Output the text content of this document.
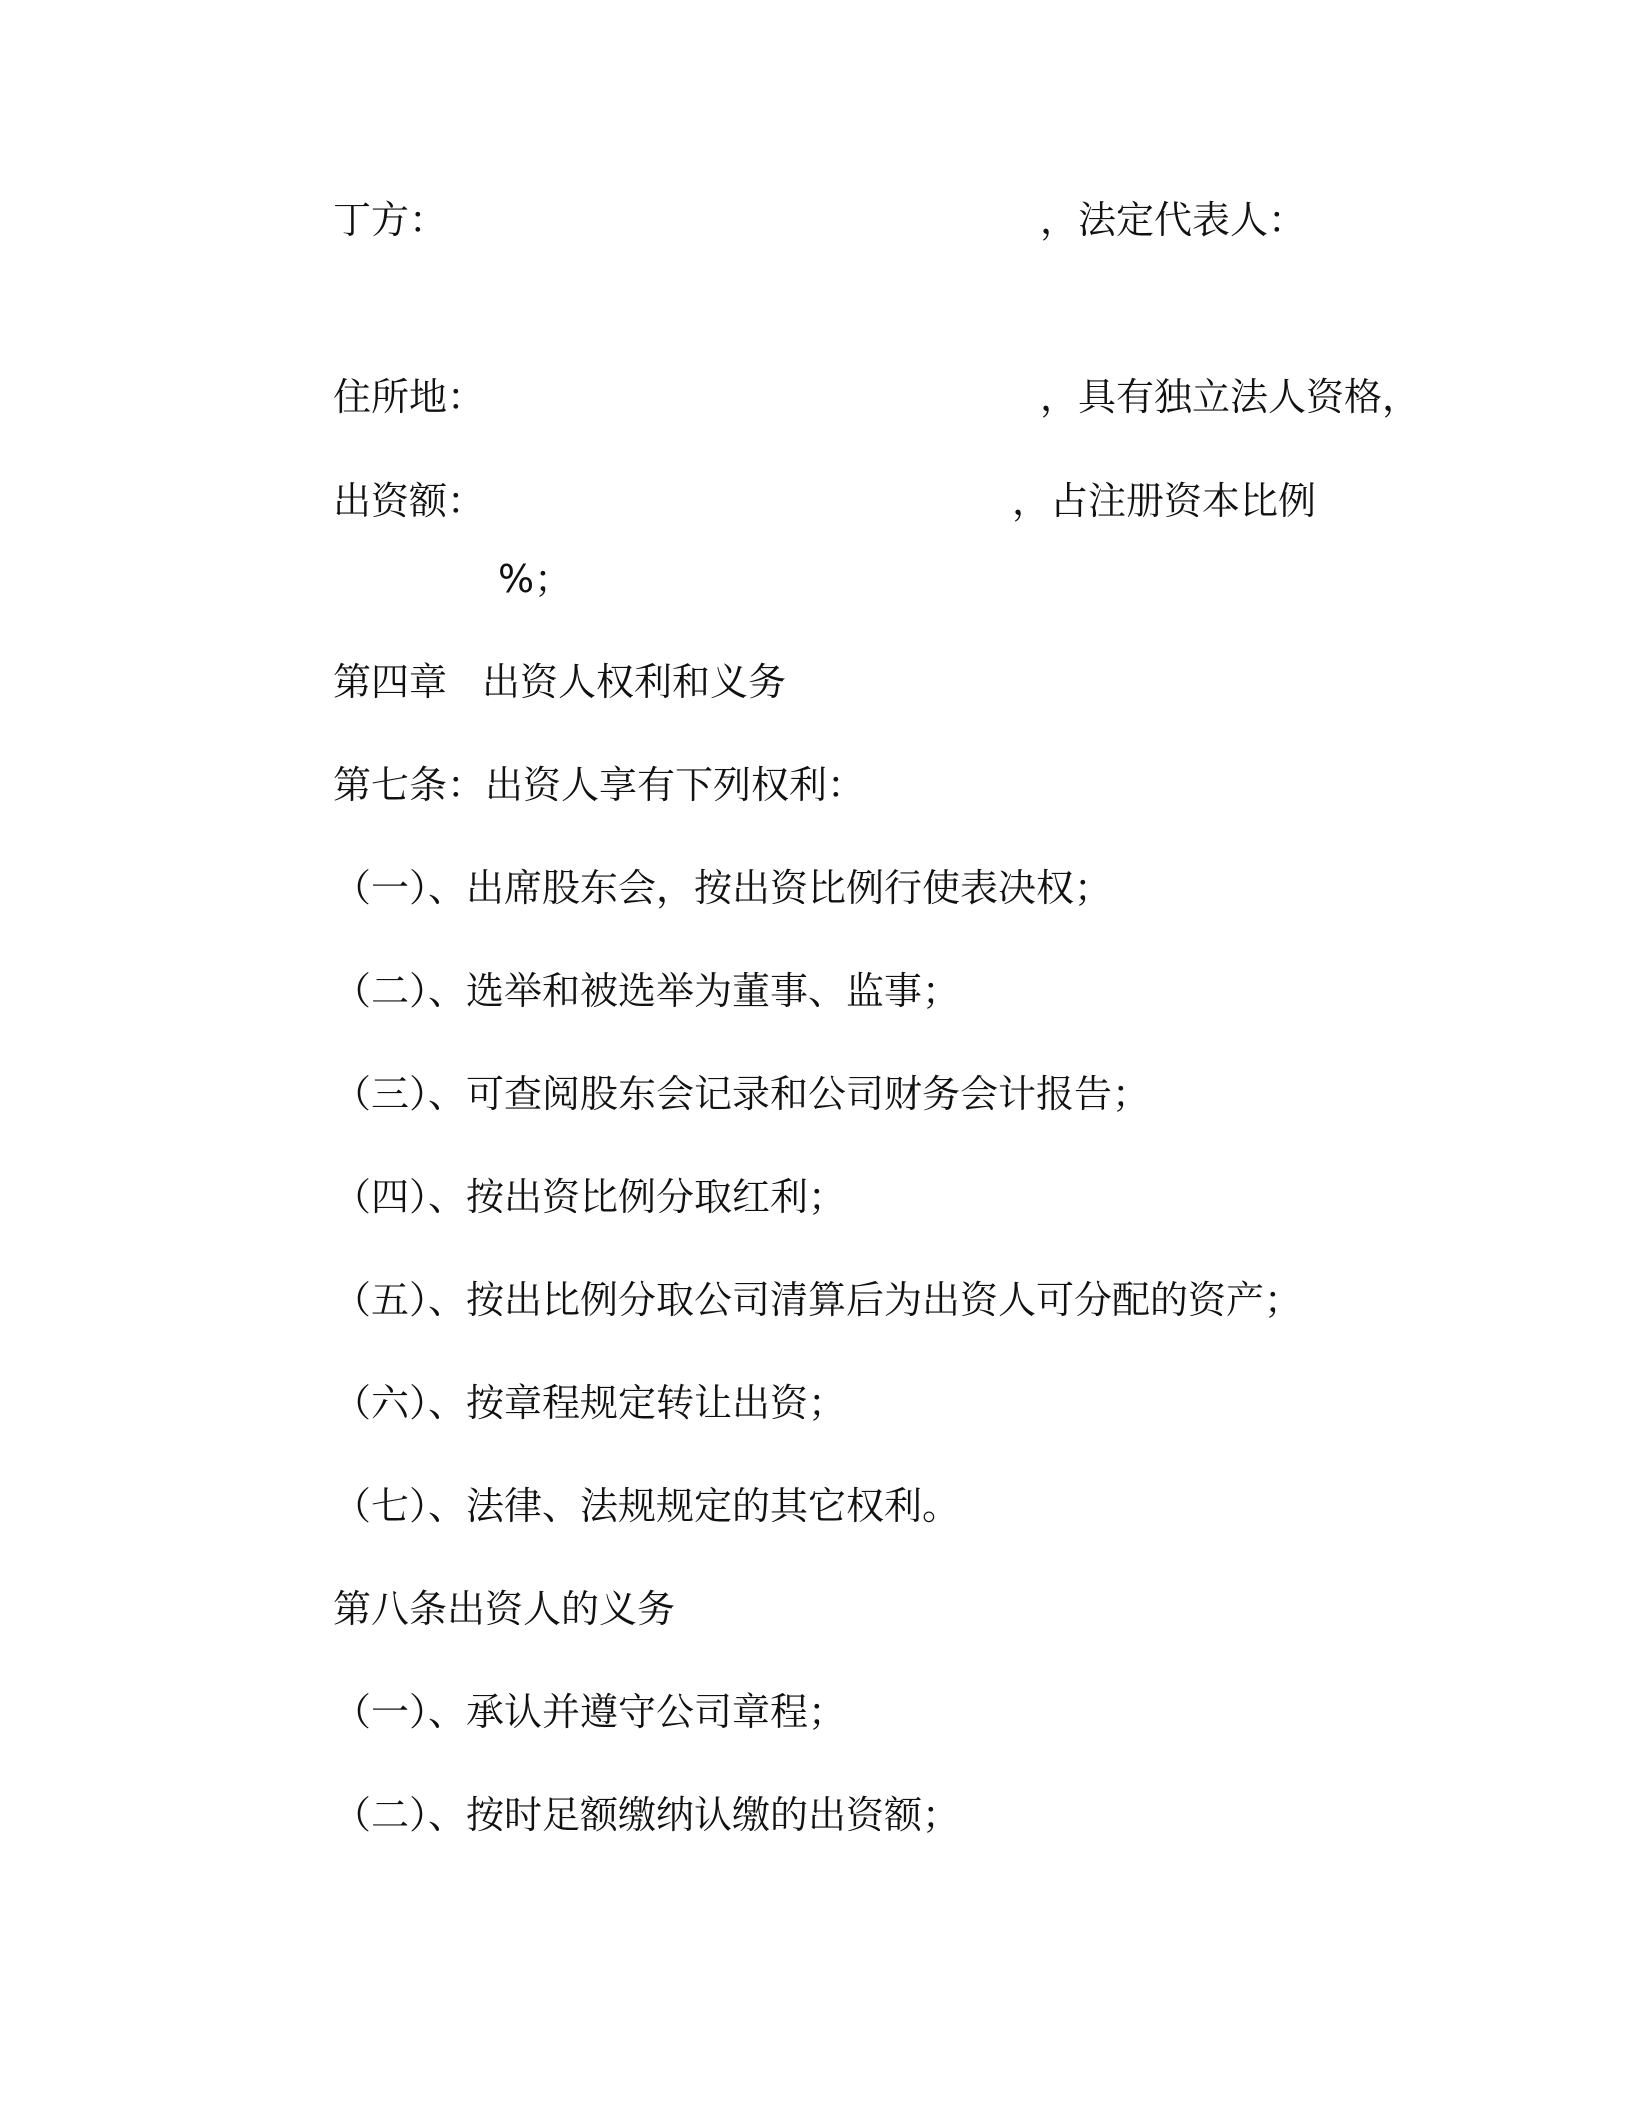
丁方：	，法定代表人：
住所地：	，具有独立法人资格，
出资额：	，占注册资本比例
%；
第四章 出资人权利和义务
第七条：出资人享有下列权利：
（一）、出席股东会，按出资比例行使表决权；
（二）、选举和被选举为董事、监事；
（三）、可查阅股东会记录和公司财务会计报告；
（四）、按出资比例分取红利；
（五）、按出比例分取公司清算后为出资人可分配的资产；
（六）、按章程规定转让出资；
（七）、法律、法规规定的其它权利。
第八条出资人的义务
（一）、承认并遵守公司章程；
（二）、按时足额缴纳认缴的出资额；
